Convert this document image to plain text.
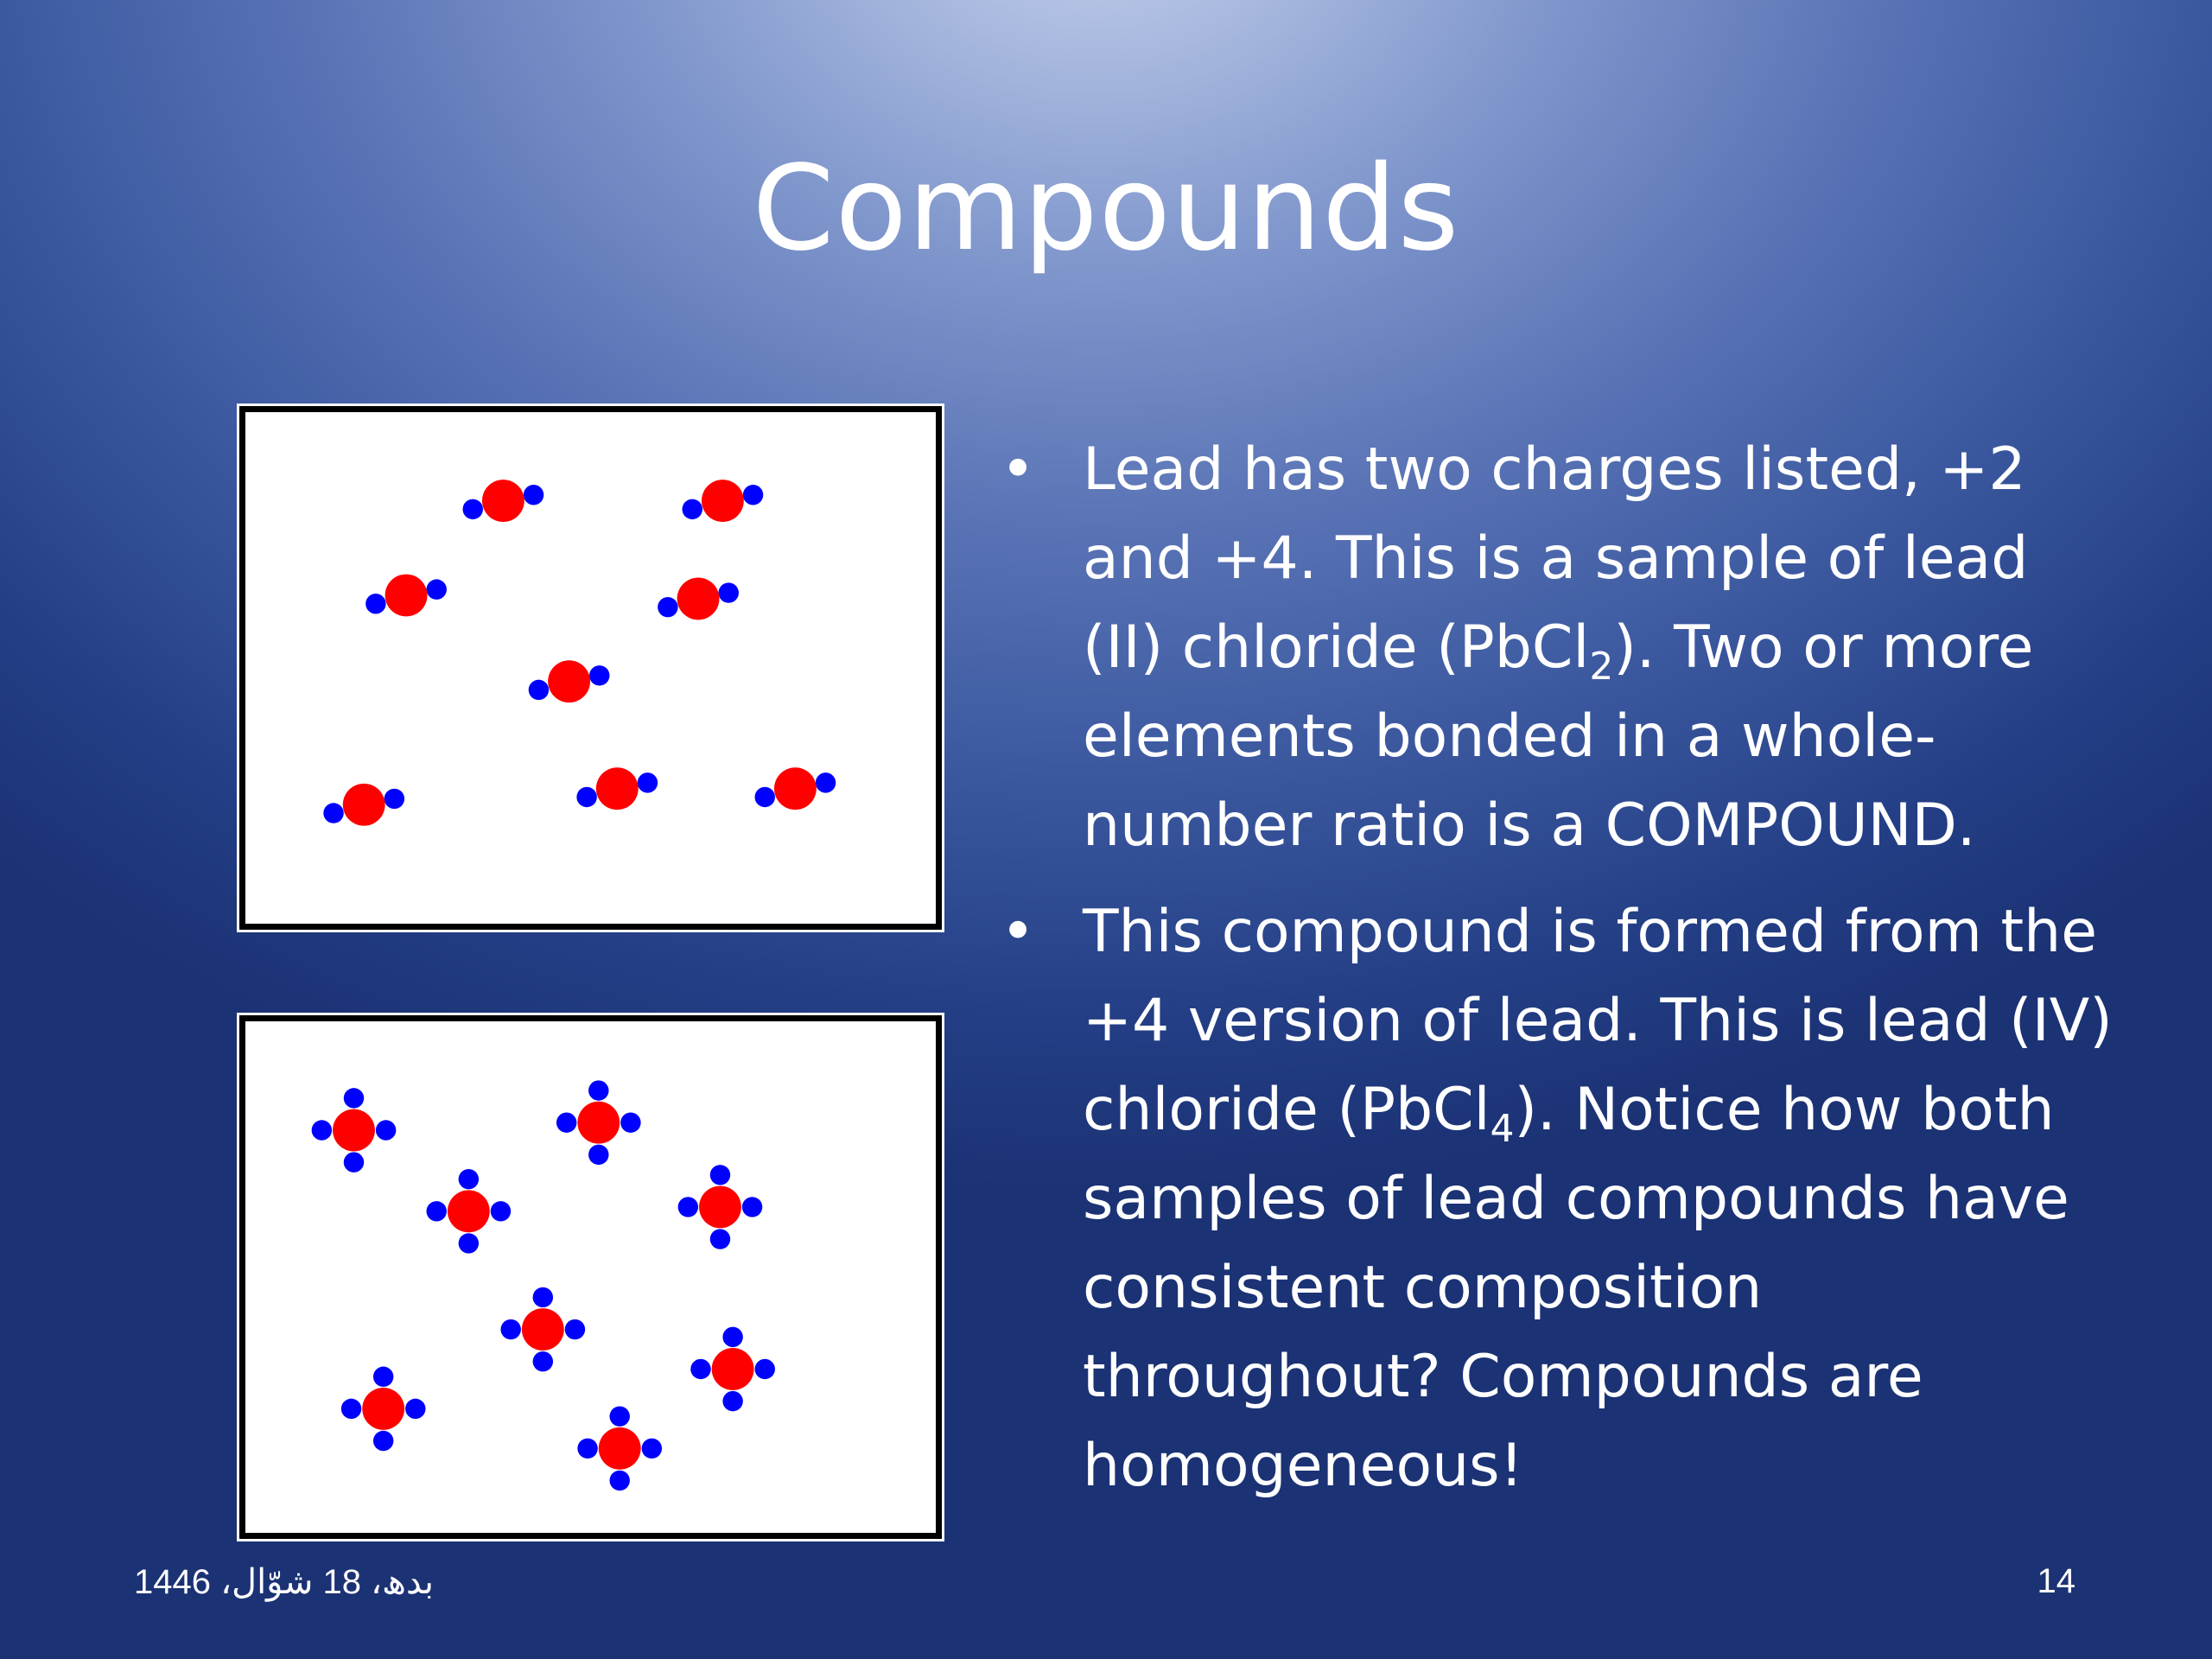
Compounds
• Lead has two charges listed, +2 and +4. This is a sample of lead (II) chloride (PbCl$_2$). Two or more elements bonded in a whole-number ratio is a COMPOUND.
• This compound is formed from the +4 version of lead. This is lead (IV) chloride (PbCl$_4$). Notice how both samples of lead compounds have consistent composition throughout? Compounds are homogeneous!
بدھ، 18 شوّال، 1446	14
